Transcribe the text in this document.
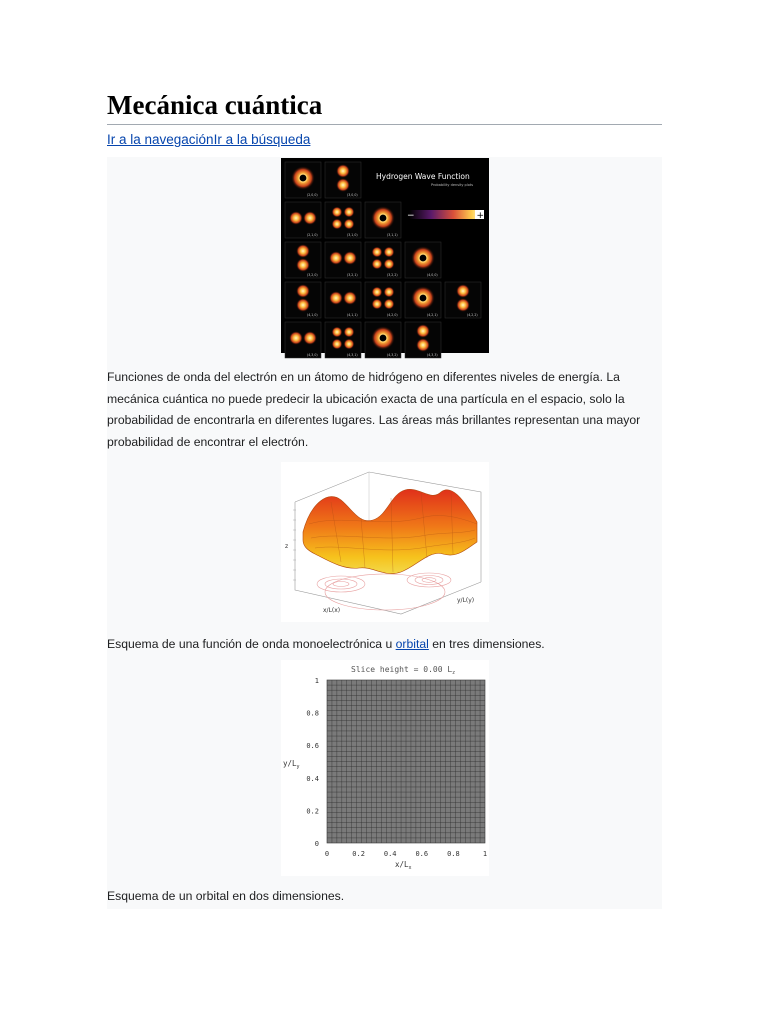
Mecánica cuántica
Ir a la navegaciónIr a la búsqueda
(2,0,0)	(3,0,0)
(2,1,0)	(3,1,0)	(3,1,1)
(3,2,0)	(3,2,1)	(3,2,2)	(4,0,0)
(4,1,0)	(4,1,1)	(4,2,0)	(4,2,1)	(4,2,2)
(4,3,0)	(4,3,1)	(4,3,2)	(4,3,3)
Hydrogen Wave Function
Probability density plots
−	+
Funciones de onda del electrón en un átomo de hidrógeno en diferentes niveles de energía. La mecánica cuántica no puede predecir la ubicación exacta de una partícula en el espacio, solo la probabilidad de encontrarla en diferentes lugares. Las áreas más brillantes representan una mayor probabilidad de encontrar el electrón.
z
x/L(x)
y/L(y)
Esquema de una función de onda monoelectrónica u orbital en tres dimensiones.
Slice height = 0.00 $L_z$
1
0.8
0.6
0.4
0.2
0
0	0.2	0.4	0.6	0.8	1
$y/L_y$
$x/L_x$
Esquema de un orbital en dos dimensiones.
